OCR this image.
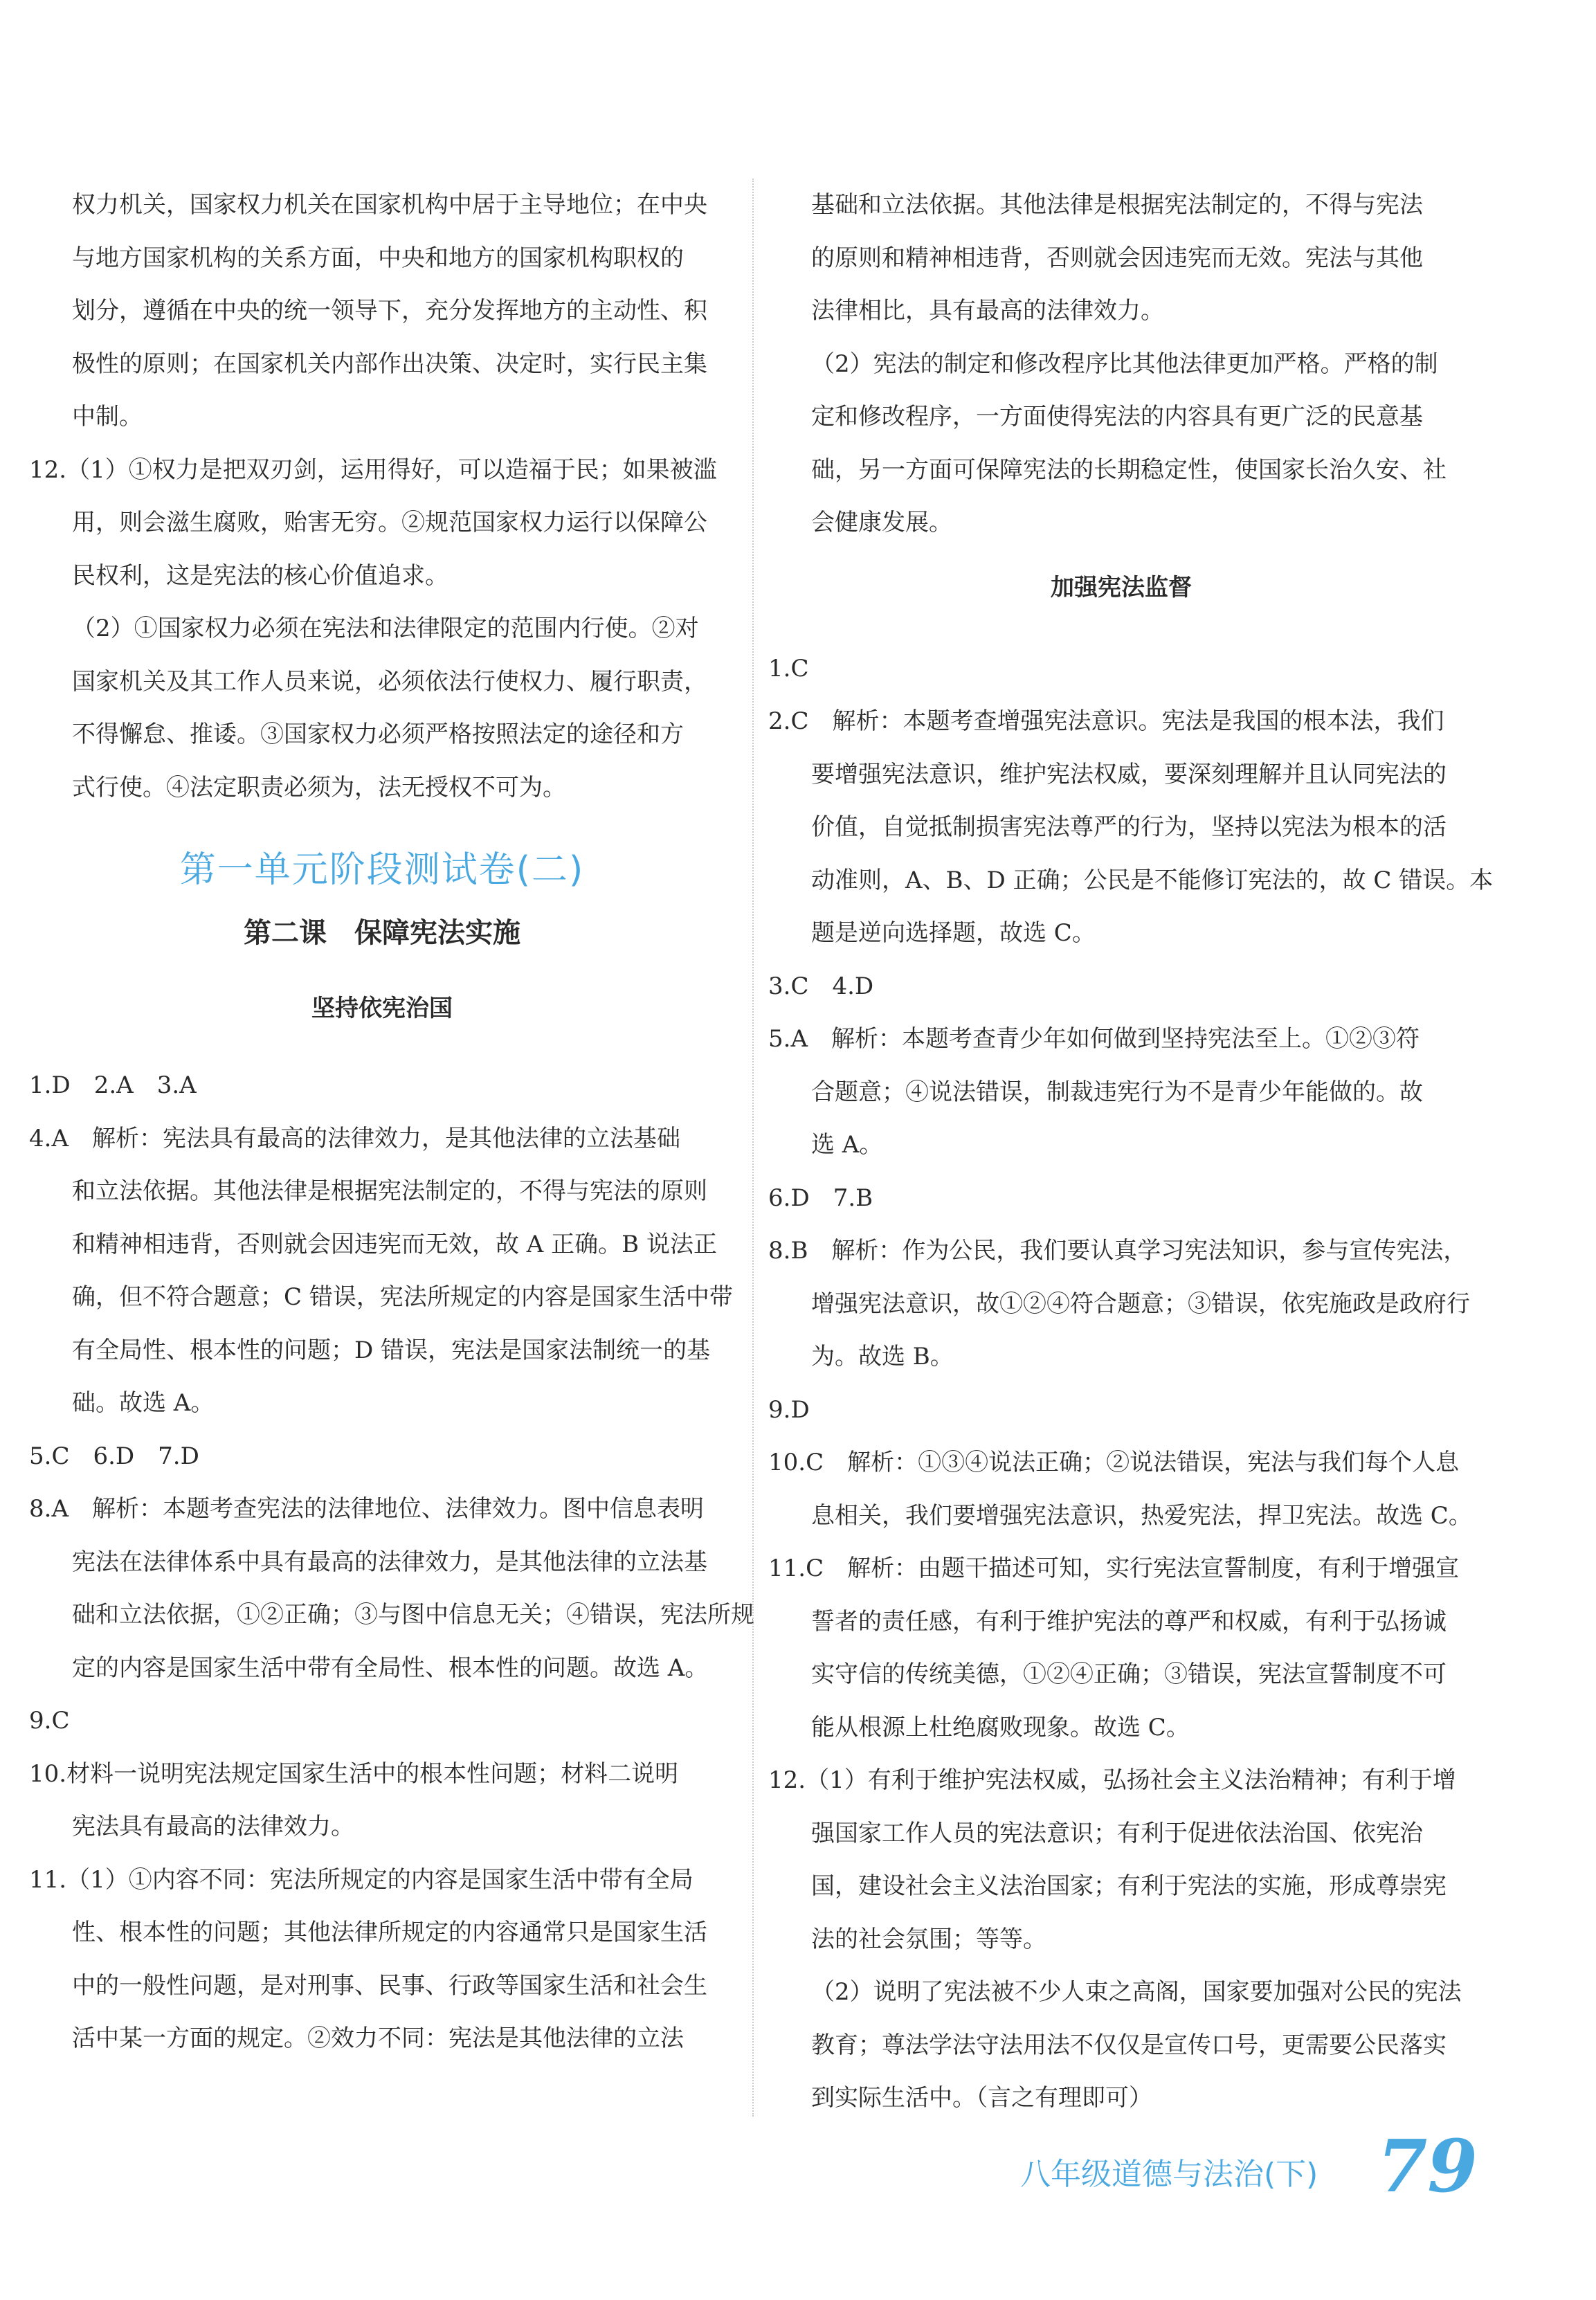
权力机关，国家权力机关在国家机构中居于主导地位；在中央
与地方国家机构的关系方面，中央和地方的国家机构职权的
划分，遵循在中央的统一领导下，充分发挥地方的主动性、积
极性的原则；在国家机关内部作出决策、决定时，实行民主集
中制。
12.（1）①权力是把双刃剑，运用得好，可以造福于民；如果被滥
用，则会滋生腐败，贻害无穷。②规范国家权力运行以保障公
民权利，这是宪法的核心价值追求。
（2）①国家权力必须在宪法和法律限定的范围内行使。②对
国家机关及其工作人员来说，必须依法行使权力、履行职责，
不得懈怠、推诿。③国家权力必须严格按照法定的途径和方
式行使。④法定职责必须为，法无授权不可为。
第一单元阶段测试卷(二)
第二课　保障宪法实施
坚持依宪治国
1.D　2.A　3.A
4.A　解析：宪法具有最高的法律效力，是其他法律的立法基础
和立法依据。其他法律是根据宪法制定的，不得与宪法的原则
和精神相违背，否则就会因违宪而无效，故 A 正确。B 说法正
确，但不符合题意；C 错误，宪法所规定的内容是国家生活中带
有全局性、根本性的问题；D 错误，宪法是国家法制统一的基
础。故选 A。
5.C　6.D　7.D
8.A　解析：本题考查宪法的法律地位、法律效力。图中信息表明
宪法在法律体系中具有最高的法律效力，是其他法律的立法基
础和立法依据，①②正确；③与图中信息无关；④错误，宪法所规
定的内容是国家生活中带有全局性、根本性的问题。故选 A。
9.C
10.材料一说明宪法规定国家生活中的根本性问题；材料二说明
宪法具有最高的法律效力。
11.（1）①内容不同：宪法所规定的内容是国家生活中带有全局
性、根本性的问题；其他法律所规定的内容通常只是国家生活
中的一般性问题，是对刑事、民事、行政等国家生活和社会生
活中某一方面的规定。②效力不同：宪法是其他法律的立法
基础和立法依据。其他法律是根据宪法制定的，不得与宪法
的原则和精神相违背，否则就会因违宪而无效。宪法与其他
法律相比，具有最高的法律效力。
（2）宪法的制定和修改程序比其他法律更加严格。严格的制
定和修改程序，一方面使得宪法的内容具有更广泛的民意基
础，另一方面可保障宪法的长期稳定性，使国家长治久安、社
会健康发展。
加强宪法监督
1.C
2.C　解析：本题考查增强宪法意识。宪法是我国的根本法，我们
要增强宪法意识，维护宪法权威，要深刻理解并且认同宪法的
价值，自觉抵制损害宪法尊严的行为，坚持以宪法为根本的活
动准则，A、B、D 正确；公民是不能修订宪法的，故 C 错误。本
题是逆向选择题，故选 C。
3.C　4.D
5.A　解析：本题考查青少年如何做到坚持宪法至上。①②③符
合题意；④说法错误，制裁违宪行为不是青少年能做的。故
选 A。
6.D　7.B
8.B　解析：作为公民，我们要认真学习宪法知识，参与宣传宪法，
增强宪法意识，故①②④符合题意；③错误，依宪施政是政府行
为。故选 B。
9.D
10.C　解析：①③④说法正确；②说法错误，宪法与我们每个人息
息相关，我们要增强宪法意识，热爱宪法，捍卫宪法。故选 C。
11.C　解析：由题干描述可知，实行宪法宣誓制度，有利于增强宣
誓者的责任感，有利于维护宪法的尊严和权威，有利于弘扬诚
实守信的传统美德，①②④正确；③错误，宪法宣誓制度不可
能从根源上杜绝腐败现象。故选 C。
12.（1）有利于维护宪法权威，弘扬社会主义法治精神；有利于增
强国家工作人员的宪法意识；有利于促进依法治国、依宪治
国，建设社会主义法治国家；有利于宪法的实施，形成尊崇宪
法的社会氛围；等等。
（2）说明了宪法被不少人束之高阁，国家要加强对公民的宪法
教育；尊法学法守法用法不仅仅是宣传口号，更需要公民落实
到实际生活中。（言之有理即可）
八年级道德与法治(下) 79
